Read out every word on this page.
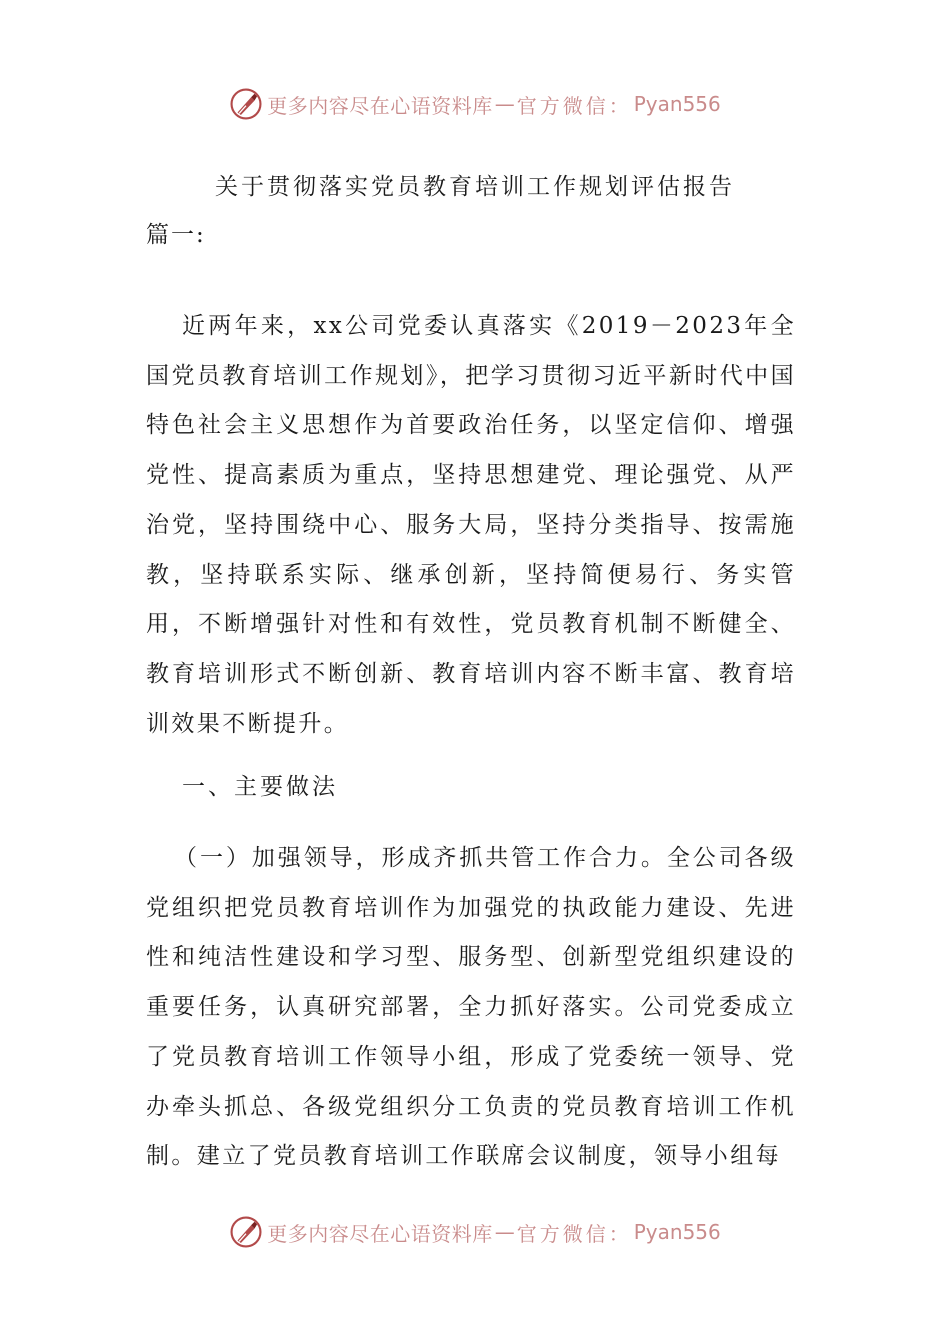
更多内容尽在心语资料库 — 官方微信： Pyan556
关于贯彻落实党员教育培训工作规划评估报告
篇一:

近两年来，xx公司党委认真落实《2019－2023年全国党员教育培训工作规划》，把学习贯彻习近平新时代中国特色社会主义思想作为首要政治任务，以坚定信仰、增强党性、提高素质为重点，坚持思想建党、理论强党、从严治党，坚持围绕中心、服务大局，坚持分类指导、按需施教，坚持联系实际、继承创新，坚持简便易行、务实管用，不断增强针对性和有效性，党员教育机制不断健全、教育培训形式不断创新、教育培训内容不断丰富、教育培训效果不断提升。

一、主要做法

（一）加强领导，形成齐抓共管工作合力。全公司各级党组织把党员教育培训作为加强党的执政能力建设、先进性和纯洁性建设和学习型、服务型、创新型党组织建设的重要任务，认真研究部署，全力抓好落实。公司党委成立了党员教育培训工作领导小组，形成了党委统一领导、党办牵头抓总、各级党组织分工负责的党员教育培训工作机制。建立了党员教育培训工作联席会议制度，领导小组每

更多内容尽在心语资料库 — 官方微信： Pyan556
